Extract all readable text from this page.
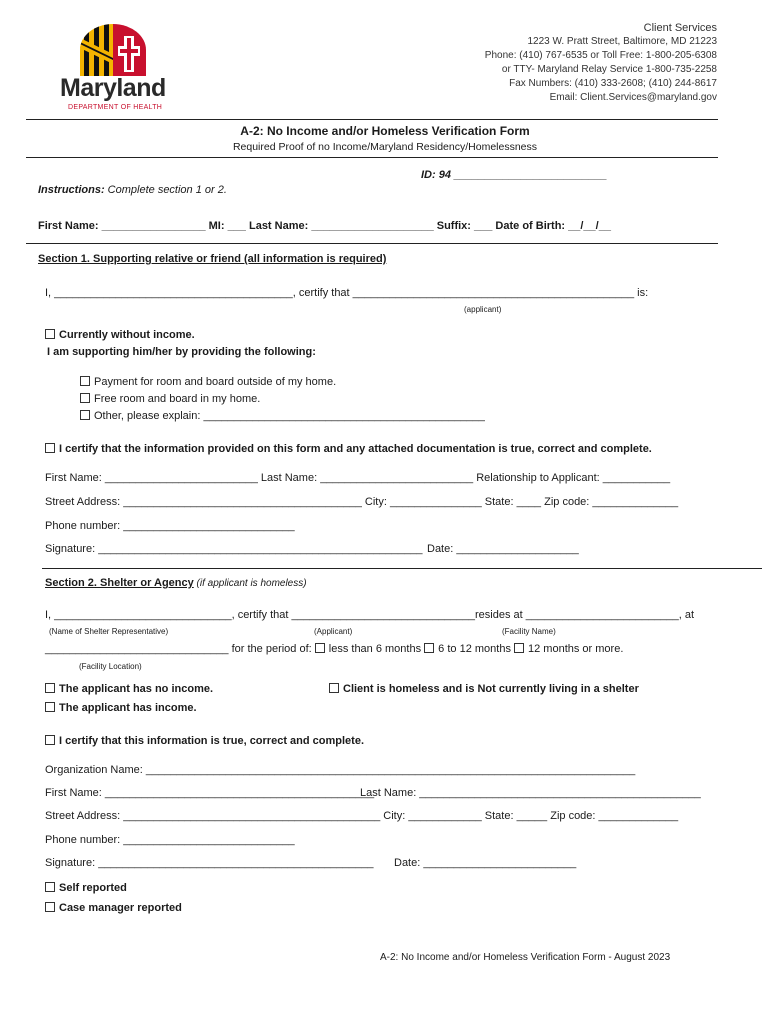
Maryland
DEPARTMENT OF HEALTH
Client Services
1223 W. Pratt Street, Baltimore, MD 21223
Phone: (410) 767-6535 or Toll Free: 1-800-205-6308
or TTY- Maryland Relay Service 1-800-735-2258
Fax Numbers: (410) 333-2608; (410) 244-8617
Email: Client.Services@maryland.gov
A-2: No Income and/or Homeless Verification Form
Required Proof of no Income/Maryland Residency/Homelessness
ID: 94 _________________________
Instructions: Complete section 1 or 2.
First Name: _________________ MI: ___ Last Name: ____________________ Suffix: ___ Date of Birth: __/__/__
Section 1. Supporting relative or friend (all information is required)
I, _______________________________________, certify that ______________________________________________ is:
(applicant)
Currently without income.
I am supporting him/her by providing the following:
Payment for room and board outside of my home.
Free room and board in my home.
Other, please explain: ______________________________________________
I certify that the information provided on this form and any attached documentation is true, correct and complete.
First Name: _________________________ Last Name: _________________________ Relationship to Applicant: ___________
Street Address: _______________________________________ City: _______________ State: ____ Zip code: ______________
Phone number: ____________________________
Signature: _____________________________________________________ Date: ____________________
Section 2. Shelter or Agency (if applicant is homeless)
I, _____________________________, certify that ______________________________resides at _________________________, at
(Name of Shelter Representative)	(Applicant)	(Facility Name)
______________________________ for the period of: less than 6 months 6 to 12 months 12 months or more.
(Facility Location)
The applicant has no income.	Client is homeless and is Not currently living in a shelter
The applicant has income.
I certify that this information is true, correct and complete.
Organization Name: ________________________________________________________________________________
First Name: ____________________________________________
Last Name: ______________________________________________
Street Address: __________________________________________ City: ____________ State: _____ Zip code: _____________
Phone number: ____________________________
Signature: _____________________________________________ Date: _________________________
Self reported
Case manager reported
A-2: No Income and/or Homeless Verification Form - August 2023
